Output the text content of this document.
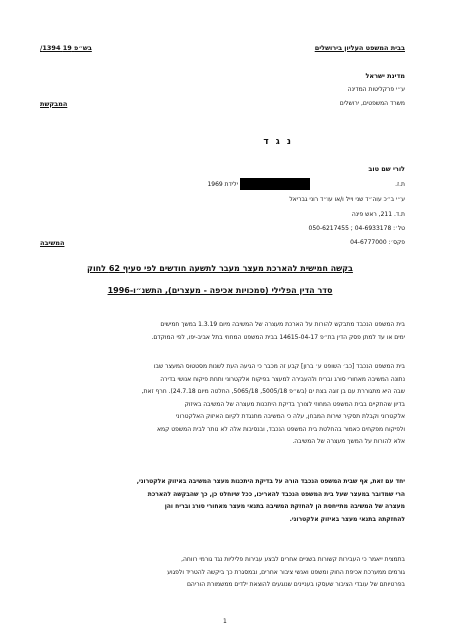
בבית המשפט העליון בירושלים
בש״פ 19 1394/
מדינת ישראל
ע״י פרקליטות המדינה
משרד המשפטים, ירושלים
המבקשת
נ ג ד
לורי שם טוב
ת.ז.
ילידת 1969
ע״י ב״כ עוה״ד שני וייל ו/או עו״ד רוני גבריאל
ת.ד. 211, ראש פינה
טל׳: 04-6933178 ; 050-6217455
פקס׳: 04-6777000
המשיבה
בקשה חמישית להארכת מעצר מעבר לתשעה חודשים לפי סעיף 62 לחוק
סדר הדין הפלילי (סמכויות אכיפה - מעצרים), התשנ״ו-1996
בית המשפט הנכבד מתבקש להורות על הארכת מעצרה של המשיבה מיום 1.3.19 במשך חמישים
ימים או עד למתן פסק הדין בת״פ 14615-04-17 בבית המשפט המחוזי בתל אביב-יפו, לפי המוקדם.
בית המשפט הנכבד [כב׳ השופט ע׳ ברון] קבע זה מכבר כי הגיעה העת לשנות מסטטוס המעצר שבו
נתונה המשיבה מאחורי סורג ובריח ולהעבירה למעצר בפיקוח אלקטרוני ותחת פיקוח אנושי בדירה
שבה היא מתגוררת עם בן זוגה בצת ים (בש״פ 5005/18, 5065/18, החלטה מיום 24.7.18). חרף זאת,
בדיון שהתקיים בבית המשפט המחוזי לצורך בדיקת היתכנות מעצרה של המשיבה באיזוק
אלקטרוני וקבלת תסקיר שירות המבחן, עלה כי המשיבה מתנגדת לקיום האיזוק האלקטרוני
ולפיקוח מפקחים כאמור בהחלטת בית המשפט הנכבד, ובנסיבות אלה לא נותר לבית המשפט קמא
אלא להורות על המשך מעצרה של המשיבה.
יחד עם זאת, אף שבית המשפט הנכבד הורה על בדיקת היתכנות מעצר המשיבה באיזוק אלקטרוני,
הרי שמדובר במעצר שעל בית המשפט הנכבד להאריכו, ככל שיוחלט כן, כך שהבקשה להארכת
מעצרה של המשיבה מתייחסת הן להחזקת המשיבה בתנאי מעצר מאחורי סורג ובריח והן
להחזקתה בתנאי מעצר באיזוק אלקטרוני.
בתמצית ייאמר כי העבירות קשורות בשניים אחרים לבצע עבירות פליליות נגד גורמי רווחה,
גורמים ממערכת אכיפת החוק ומשפט ואנשי ציבור אחרים, ובמסגרת כך ביקשה להטריד ולפגוע
בפרטיותם של עובדי הציבור שעסקו בעניינים שנוגעים להוצאת ילדים ממשמורת הוריהם
1
